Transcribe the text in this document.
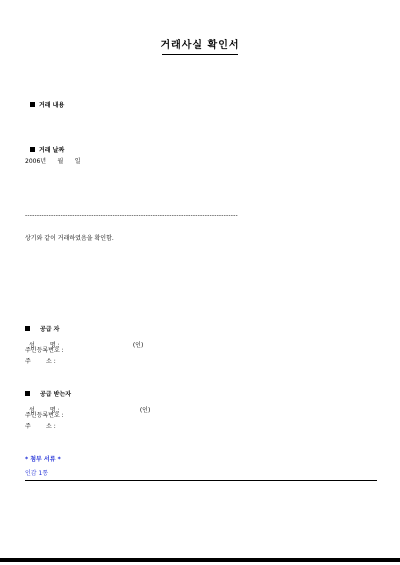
거래사실 확인서
거래 내용
거래 날짜
2006년      월      일
------------------------------------------------------------------------------------------
상기와 같이 거래하였음을 확인함.
공급 자

성        명 :	(인)

주민등록번호 :
주        소 :
공급 받는자

성        명 :	(인)

주민등록번호 :
주        소 :
* 첨부 서류 *
인감 1통
